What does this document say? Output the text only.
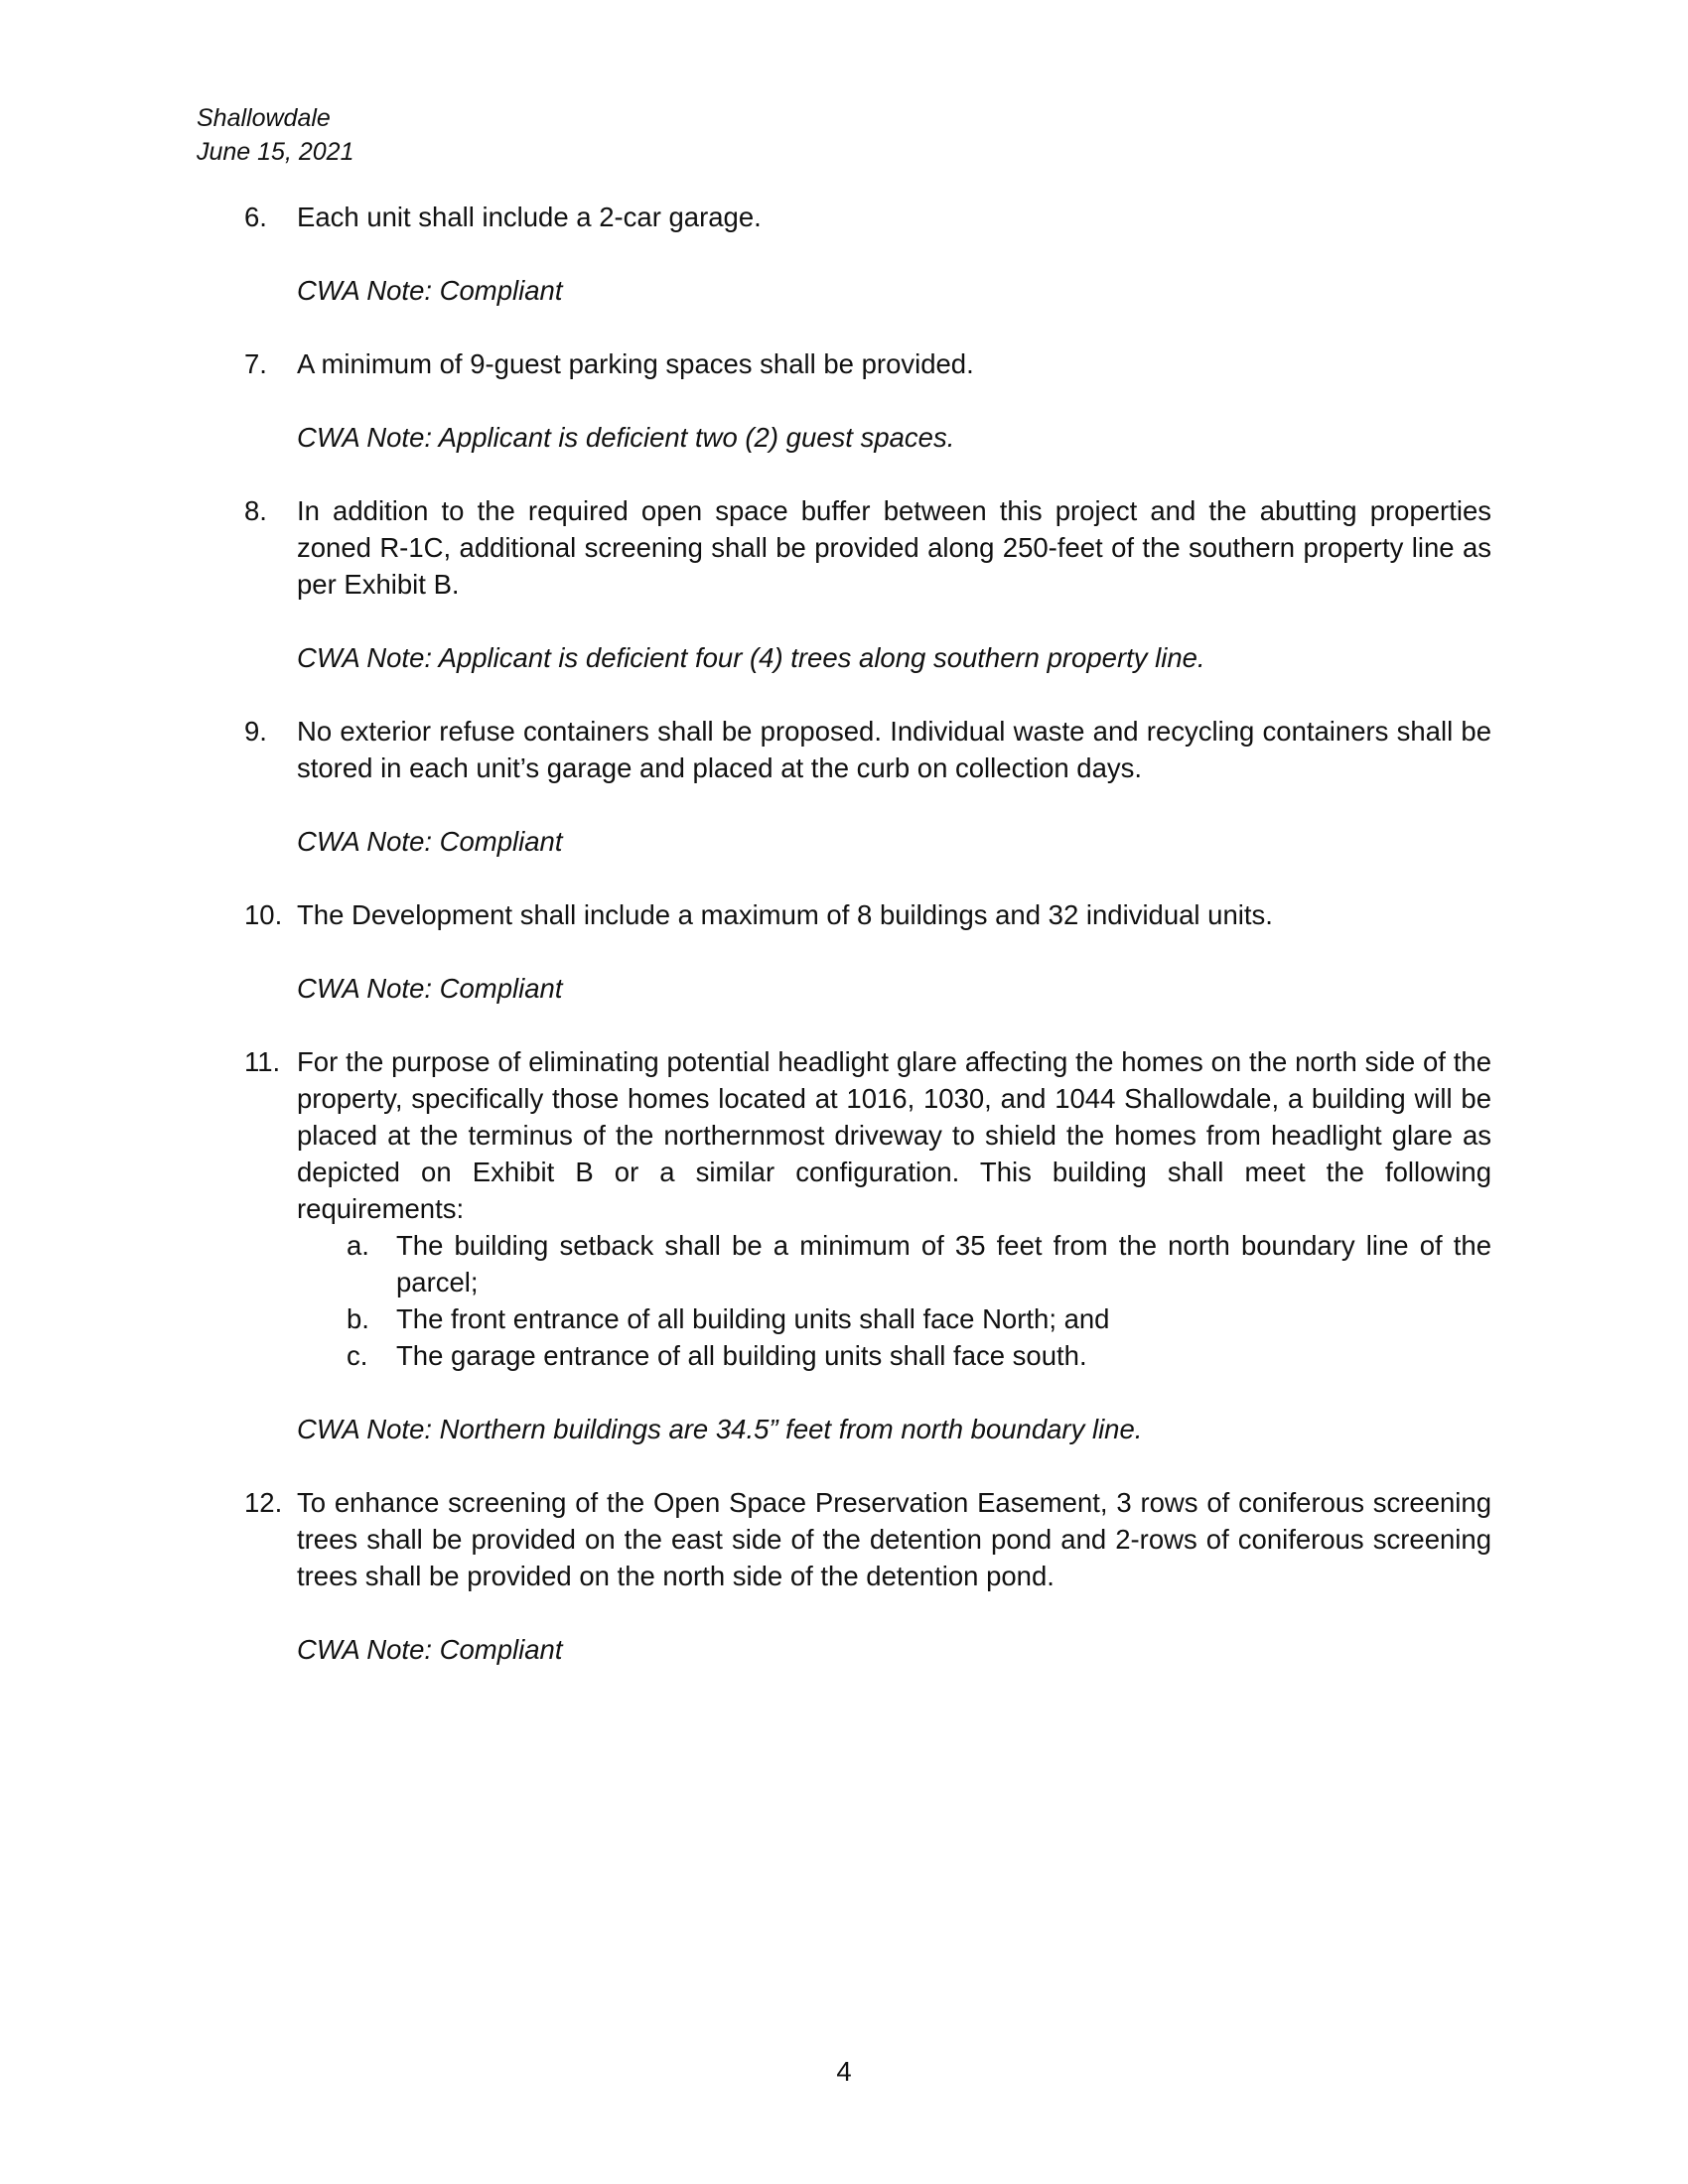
Shallowdale
June 15, 2021
6. Each unit shall include a 2-car garage.
CWA Note: Compliant
7. A minimum of 9-guest parking spaces shall be provided.
CWA Note: Applicant is deficient two (2) guest spaces.
8. In addition to the required open space buffer between this project and the abutting properties zoned R-1C, additional screening shall be provided along 250-feet of the southern property line as per Exhibit B.
CWA Note: Applicant is deficient four (4) trees along southern property line.
9. No exterior refuse containers shall be proposed. Individual waste and recycling containers shall be stored in each unit’s garage and placed at the curb on collection days.
CWA Note: Compliant
10. The Development shall include a maximum of 8 buildings and 32 individual units.
CWA Note: Compliant
11. For the purpose of eliminating potential headlight glare affecting the homes on the north side of the property, specifically those homes located at 1016, 1030, and 1044 Shallowdale, a building will be placed at the terminus of the northernmost driveway to shield the homes from headlight glare as depicted on Exhibit B or a similar configuration. This building shall meet the following requirements:
a. The building setback shall be a minimum of 35 feet from the north boundary line of the parcel;
b. The front entrance of all building units shall face North; and
c. The garage entrance of all building units shall face south.
CWA Note: Northern buildings are 34.5” feet from north boundary line.
12. To enhance screening of the Open Space Preservation Easement, 3 rows of coniferous screening trees shall be provided on the east side of the detention pond and 2-rows of coniferous screening trees shall be provided on the north side of the detention pond.
CWA Note: Compliant
4
